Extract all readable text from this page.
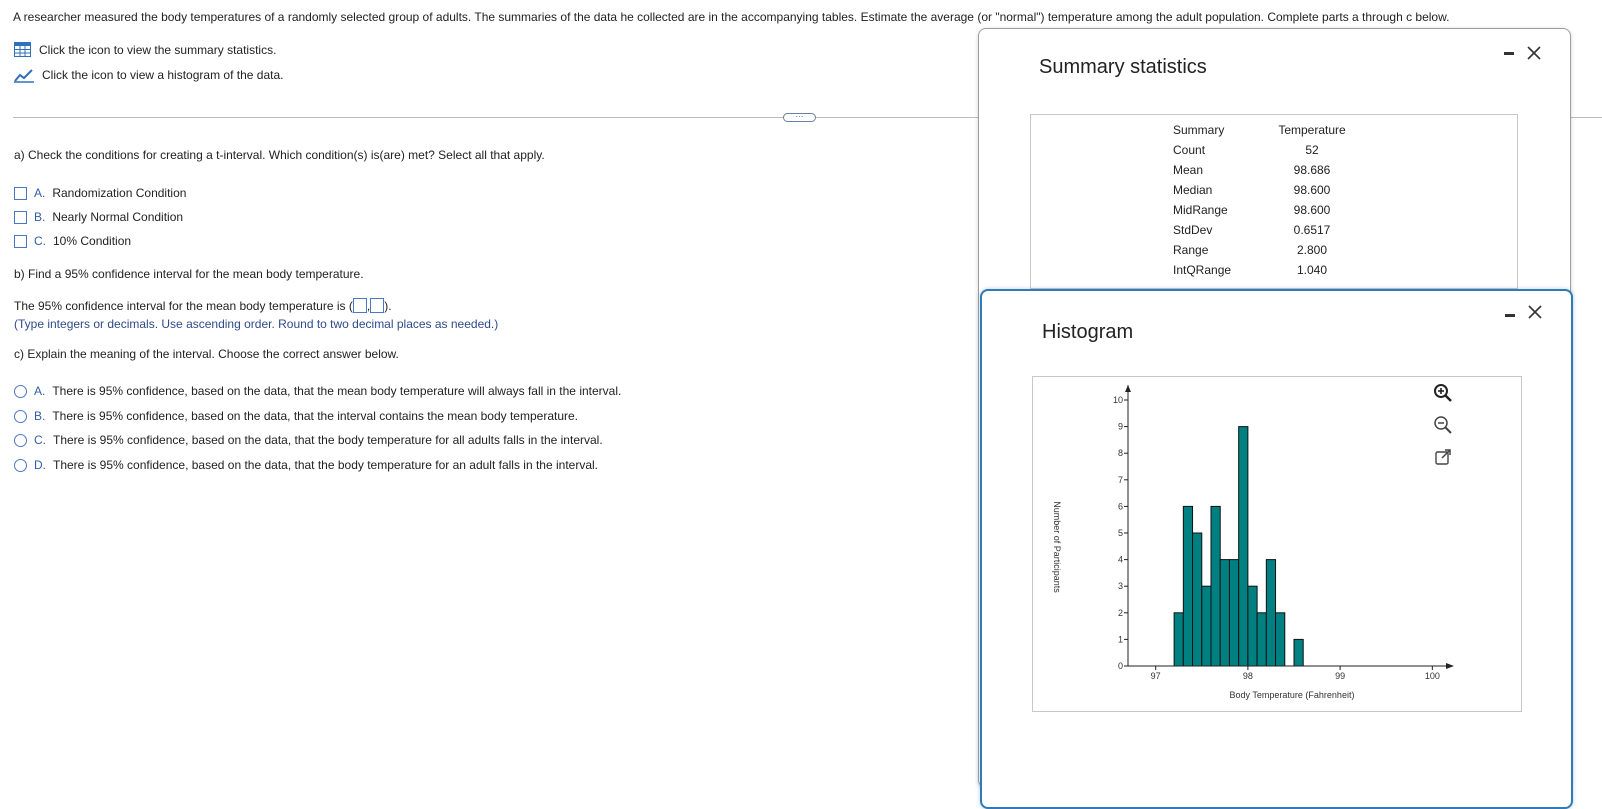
A researcher measured the body temperatures of a randomly selected group of adults. The summaries of the data he collected are in the accompanying tables. Estimate the average (or "normal") temperature among the adult population. Complete parts a through c below.
Click the icon to view the summary statistics.
Click the icon to view a histogram of the data.
···
a) Check the conditions for creating a t-interval. Which condition(s) is(are) met? Select all that apply.
A. Randomization Condition
B. Nearly Normal Condition
C. 10% Condition
b) Find a 95% confidence interval for the mean body temperature.
The 95% confidence interval for the mean body temperature is ( , ).
(Type integers or decimals. Use ascending order. Round to two decimal places as needed.)
c) Explain the meaning of the interval. Choose the correct answer below.
A. There is 95% confidence, based on the data, that the mean body temperature will always fall in the interval.
B. There is 95% confidence, based on the data, that the interval contains the mean body temperature.
C. There is 95% confidence, based on the data, that the body temperature for all adults falls in the interval.
D. There is 95% confidence, based on the data, that the body temperature for an adult falls in the interval.
Summary statistics
Summary	Temperature
Count	52
Mean	98.686
Median	98.600
MidRange	98.600
StdDev	0.6517
Range	2.800
IntQRange	1.040
Histogram
0
1
2
3
4
5
6
7
8
9
10
97	98	99	100
Body Temperature (Fahrenheit)
Number of Participants
